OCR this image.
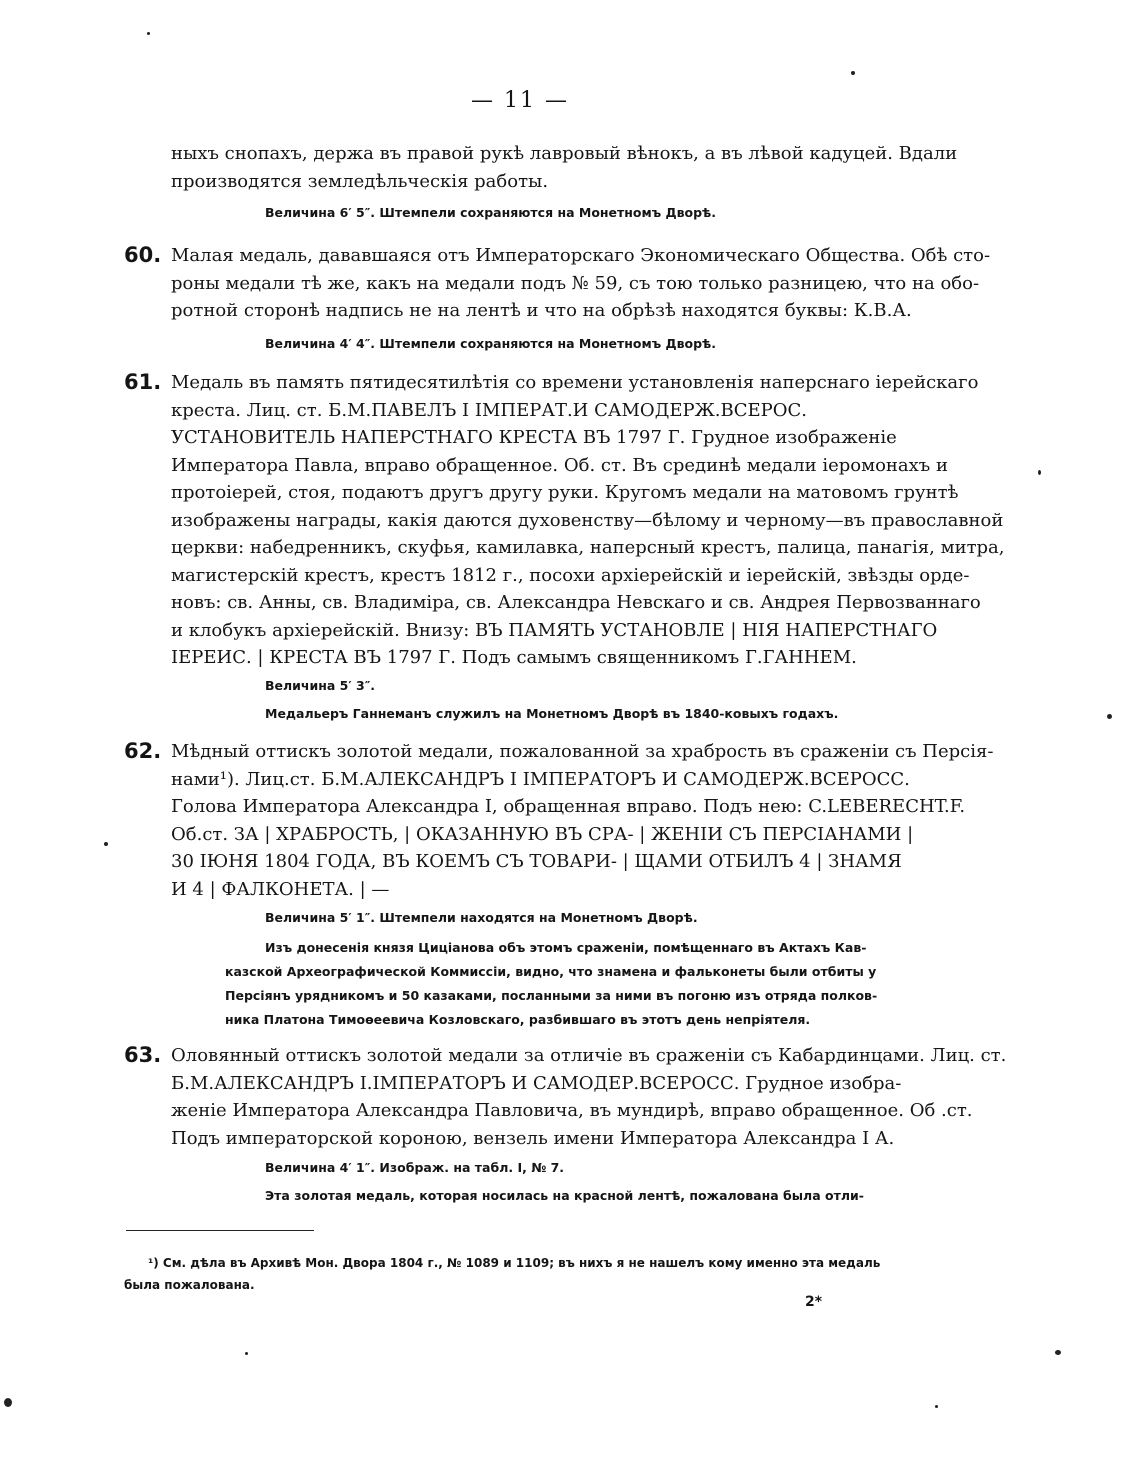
— 11 —
ныхъ снопахъ, держа въ правой рукѣ лавровый вѣнокъ, а въ лѣвой кадуцей. Вдали
производятся земледѣльческія работы.
Величина 6′ 5″. Штемпели сохраняются на Монетномъ Дворѣ.
60. Малая медаль, дававшаяся отъ Императорскаго Экономическаго Общества. Обѣ сто-
роны медали тѣ же, какъ на медали подъ № 59, съ тою только разницею, что на обо-
ротной сторонѣ надпись не на лентѣ и что на обрѣзѣ находятся буквы: К.В.А.
Величина 4′ 4″. Штемпели сохраняются на Монетномъ Дворѣ.
61. Медаль въ память пятидесятилѣтія со времени установленія наперснаго iерейскаго
креста. Лиц. ст. Б.М.ПАВЕЛЪ I IМПЕРАТ.И САМОДЕРЖ.ВСЕРОС.
УСТАНОВИТЕЛЬ НАПЕРСТНАГО КРЕСТА ВЪ 1797 Г. Грудное изображенiе
Императора Павла, вправо обращенное. Об. ст. Въ срединѣ медали iеромонахъ и
протоiерей, стоя, подаютъ другъ другу руки. Кругомъ медали на матовомъ грунтѣ
изображены награды, какiя даются духовенству—бѣлому и черному—въ православной
церкви: набедренникъ, скуфья, камилавка, наперсный крестъ, палица, панагiя, митра,
магистерскiй крестъ, крестъ 1812 г., посохи архiерейскiй и iерейскiй, звѣзды орде-
новъ: св. Анны, св. Владимiра, св. Александра Невскаго и св. Андрея Первозваннаго
и клобукъ архiерейскiй. Внизу: ВЪ ПАМЯТЬ УСТАНОВЛЕ | НIЯ НАПЕРСТНАГО
IЕРЕИС. | КРЕСТА ВЪ 1797 Г. Подъ самымъ священникомъ Г.ГАННЕМ.
Величина 5′ 3″.
Медальеръ Ганнеманъ служилъ на Монетномъ Дворѣ въ 1840-ковыхъ годахъ.
62. Мѣдный оттискъ золотой медали, пожалованной за храбрость въ сраженiи съ Персiя-
нами¹). Лиц.ст. Б.М.АЛЕКСАНДРЪ I IМПЕРАТОРЪ И САМОДЕРЖ.ВСЕРОСС.
Голова Императора Александра I, обращенная вправо. Подъ нею: C.LEBERECHT.F.
Об.ст. ЗА | ХРАБРОСТЬ, | ОКАЗАННУЮ ВЪ СРА- | ЖЕНIИ СЪ ПЕРСIАНАМИ |
30 IЮНЯ 1804 ГОДА, ВЪ КОЕМЪ СЪ ТОВАРИ- | ЩАМИ ОТБИЛЪ 4 | ЗНАМЯ
И 4 | ФАЛКОНЕТА. | —
Величина 5′ 1″. Штемпели находятся на Монетномъ Дворѣ.
Изъ донесенiя князя Цицiанова объ этомъ сраженiи, помѣщеннаго въ Актахъ Кав-
казской Археографической Коммиссiи, видно, что знамена и фальконеты были отбиты у
Персiянъ урядникомъ и 50 казаками, посланными за ними въ погоню изъ отряда полков-
ника Платона Тимоѳеевича Козловскаго, разбившаго въ этотъ день непрiятеля.
63. Оловянный оттискъ золотой медали за отличiе въ сраженiи съ Кабардинцами. Лиц. ст.
Б.М.АЛЕКСАНДРЪ I.IМПЕРАТОРЪ И САМОДЕР.ВСЕРОСС. Грудное изобра-
женiе Императора Александра Павловича, въ мундирѣ, вправо обращенное. Об .ст.
Подъ императорской короною, вензель имени Императора Александра I А.
Величина 4′ 1″. Изображ. на табл. I, № 7.
Эта золотая медаль, которая носилась на красной лентѣ, пожалована была отли-
¹) См. дѣла въ Архивѣ Мон. Двора 1804 г., № 1089 и 1109; въ нихъ я не нашелъ кому именно эта медаль
была пожалована.
2*
